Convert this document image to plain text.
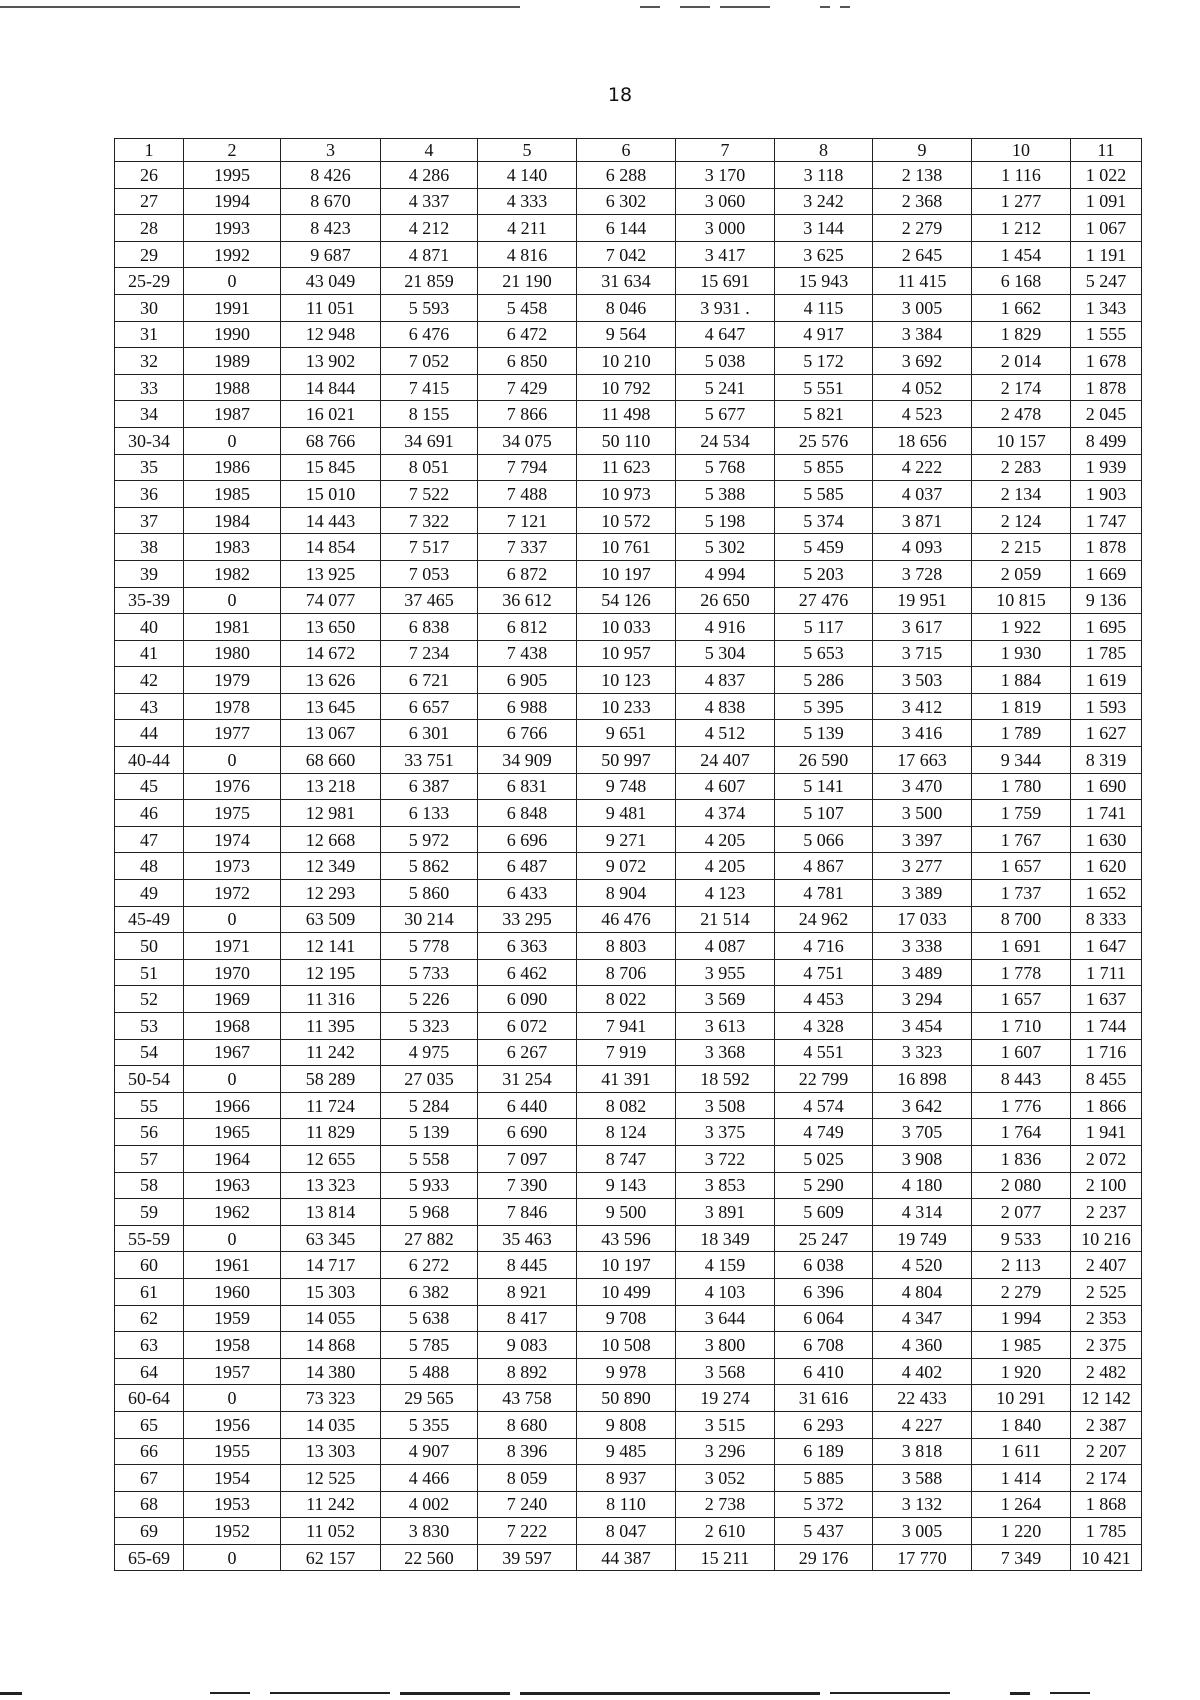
18
1	2	3	4	5	6	7	8	9	10	11
26	1995	8 426	4 286	4 140	6 288	3 170	3 118	2 138	1 116	1 022
27	1994	8 670	4 337	4 333	6 302	3 060	3 242	2 368	1 277	1 091
28	1993	8 423	4 212	4 211	6 144	3 000	3 144	2 279	1 212	1 067
29	1992	9 687	4 871	4 816	7 042	3 417	3 625	2 645	1 454	1 191
25-29	0	43 049	21 859	21 190	31 634	15 691	15 943	11 415	6 168	5 247
30	1991	11 051	5 593	5 458	8 046	3 931 .	4 115	3 005	1 662	1 343
31	1990	12 948	6 476	6 472	9 564	4 647	4 917	3 384	1 829	1 555
32	1989	13 902	7 052	6 850	10 210	5 038	5 172	3 692	2 014	1 678
33	1988	14 844	7 415	7 429	10 792	5 241	5 551	4 052	2 174	1 878
34	1987	16 021	8 155	7 866	11 498	5 677	5 821	4 523	2 478	2 045
30-34	0	68 766	34 691	34 075	50 110	24 534	25 576	18 656	10 157	8 499
35	1986	15 845	8 051	7 794	11 623	5 768	5 855	4 222	2 283	1 939
36	1985	15 010	7 522	7 488	10 973	5 388	5 585	4 037	2 134	1 903
37	1984	14 443	7 322	7 121	10 572	5 198	5 374	3 871	2 124	1 747
38	1983	14 854	7 517	7 337	10 761	5 302	5 459	4 093	2 215	1 878
39	1982	13 925	7 053	6 872	10 197	4 994	5 203	3 728	2 059	1 669
35-39	0	74 077	37 465	36 612	54 126	26 650	27 476	19 951	10 815	9 136
40	1981	13 650	6 838	6 812	10 033	4 916	5 117	3 617	1 922	1 695
41	1980	14 672	7 234	7 438	10 957	5 304	5 653	3 715	1 930	1 785
42	1979	13 626	6 721	6 905	10 123	4 837	5 286	3 503	1 884	1 619
43	1978	13 645	6 657	6 988	10 233	4 838	5 395	3 412	1 819	1 593
44	1977	13 067	6 301	6 766	9 651	4 512	5 139	3 416	1 789	1 627
40-44	0	68 660	33 751	34 909	50 997	24 407	26 590	17 663	9 344	8 319
45	1976	13 218	6 387	6 831	9 748	4 607	5 141	3 470	1 780	1 690
46	1975	12 981	6 133	6 848	9 481	4 374	5 107	3 500	1 759	1 741
47	1974	12 668	5 972	6 696	9 271	4 205	5 066	3 397	1 767	1 630
48	1973	12 349	5 862	6 487	9 072	4 205	4 867	3 277	1 657	1 620
49	1972	12 293	5 860	6 433	8 904	4 123	4 781	3 389	1 737	1 652
45-49	0	63 509	30 214	33 295	46 476	21 514	24 962	17 033	8 700	8 333
50	1971	12 141	5 778	6 363	8 803	4 087	4 716	3 338	1 691	1 647
51	1970	12 195	5 733	6 462	8 706	3 955	4 751	3 489	1 778	1 711
52	1969	11 316	5 226	6 090	8 022	3 569	4 453	3 294	1 657	1 637
53	1968	11 395	5 323	6 072	7 941	3 613	4 328	3 454	1 710	1 744
54	1967	11 242	4 975	6 267	7 919	3 368	4 551	3 323	1 607	1 716
50-54	0	58 289	27 035	31 254	41 391	18 592	22 799	16 898	8 443	8 455
55	1966	11 724	5 284	6 440	8 082	3 508	4 574	3 642	1 776	1 866
56	1965	11 829	5 139	6 690	8 124	3 375	4 749	3 705	1 764	1 941
57	1964	12 655	5 558	7 097	8 747	3 722	5 025	3 908	1 836	2 072
58	1963	13 323	5 933	7 390	9 143	3 853	5 290	4 180	2 080	2 100
59	1962	13 814	5 968	7 846	9 500	3 891	5 609	4 314	2 077	2 237
55-59	0	63 345	27 882	35 463	43 596	18 349	25 247	19 749	9 533	10 216
60	1961	14 717	6 272	8 445	10 197	4 159	6 038	4 520	2 113	2 407
61	1960	15 303	6 382	8 921	10 499	4 103	6 396	4 804	2 279	2 525
62	1959	14 055	5 638	8 417	9 708	3 644	6 064	4 347	1 994	2 353
63	1958	14 868	5 785	9 083	10 508	3 800	6 708	4 360	1 985	2 375
64	1957	14 380	5 488	8 892	9 978	3 568	6 410	4 402	1 920	2 482
60-64	0	73 323	29 565	43 758	50 890	19 274	31 616	22 433	10 291	12 142
65	1956	14 035	5 355	8 680	9 808	3 515	6 293	4 227	1 840	2 387
66	1955	13 303	4 907	8 396	9 485	3 296	6 189	3 818	1 611	2 207
67	1954	12 525	4 466	8 059	8 937	3 052	5 885	3 588	1 414	2 174
68	1953	11 242	4 002	7 240	8 110	2 738	5 372	3 132	1 264	1 868
69	1952	11 052	3 830	7 222	8 047	2 610	5 437	3 005	1 220	1 785
65-69	0	62 157	22 560	39 597	44 387	15 211	29 176	17 770	7 349	10 421
